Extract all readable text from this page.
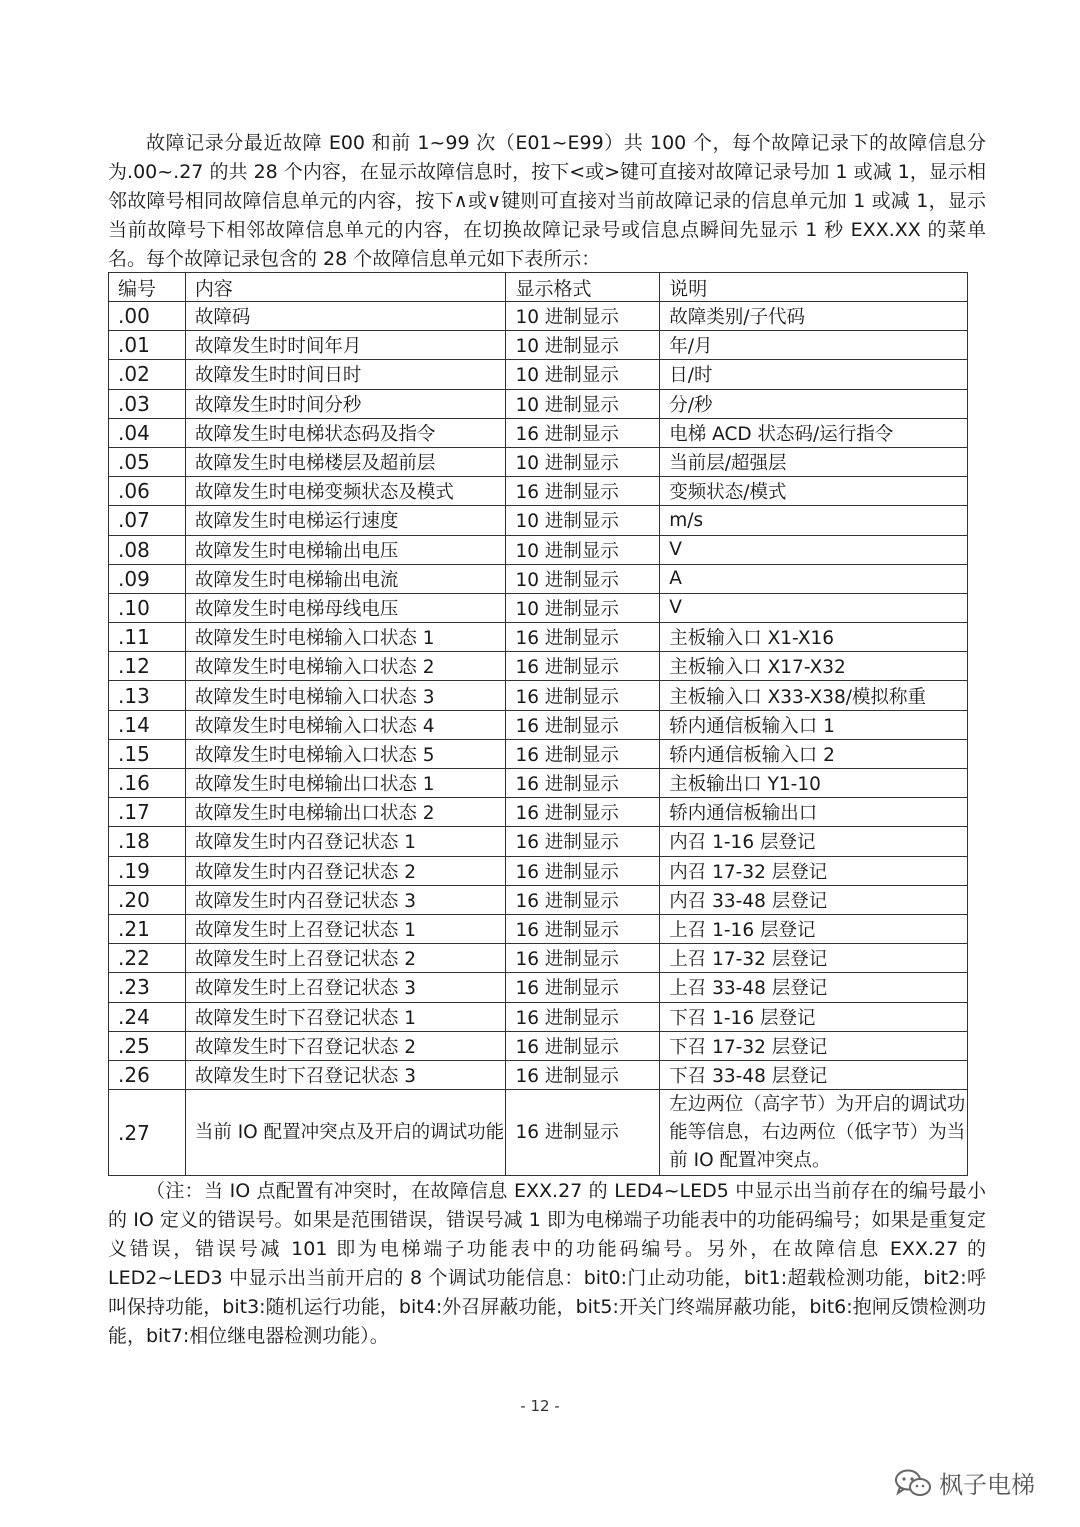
故障记录分最近故障 E00 和前 1~99 次（E01~E99）共 100 个，每个故障记录下的故障信息分为.00~.27 的共 28 个内容，在显示故障信息时，按下<或>键可直接对故障记录号加 1 或减 1，显示相邻故障号相同故障信息单元的内容，按下∧或∨键则可直接对当前故障记录的信息单元加 1 或减 1，显示当前故障号下相邻故障信息单元的内容，在切换故障记录号或信息点瞬间先显示 1 秒 EXX.XX 的菜单名。每个故障记录包含的 28 个故障信息单元如下表所示：

编号	内容	显示格式	说明
.00	故障码	10 进制显示	故障类别/子代码
.01	故障发生时时间年月	10 进制显示	年/月
.02	故障发生时时间日时	10 进制显示	日/时
.03	故障发生时时间分秒	10 进制显示	分/秒
.04	故障发生时电梯状态码及指令	16 进制显示	电梯 ACD 状态码/运行指令
.05	故障发生时电梯楼层及超前层	10 进制显示	当前层/超强层
.06	故障发生时电梯变频状态及模式	16 进制显示	变频状态/模式
.07	故障发生时电梯运行速度	10 进制显示	m/s
.08	故障发生时电梯输出电压	10 进制显示	V
.09	故障发生时电梯输出电流	10 进制显示	A
.10	故障发生时电梯母线电压	10 进制显示	V
.11	故障发生时电梯输入口状态 1	16 进制显示	主板输入口 X1-X16
.12	故障发生时电梯输入口状态 2	16 进制显示	主板输入口 X17-X32
.13	故障发生时电梯输入口状态 3	16 进制显示	主板输入口 X33-X38/模拟称重
.14	故障发生时电梯输入口状态 4	16 进制显示	轿内通信板输入口 1
.15	故障发生时电梯输入口状态 5	16 进制显示	轿内通信板输入口 2
.16	故障发生时电梯输出口状态 1	16 进制显示	主板输出口 Y1-10
.17	故障发生时电梯输出口状态 2	16 进制显示	轿内通信板输出口
.18	故障发生时内召登记状态 1	16 进制显示	内召 1-16 层登记
.19	故障发生时内召登记状态 2	16 进制显示	内召 17-32 层登记
.20	故障发生时内召登记状态 3	16 进制显示	内召 33-48 层登记
.21	故障发生时上召登记状态 1	16 进制显示	上召 1-16 层登记
.22	故障发生时上召登记状态 2	16 进制显示	上召 17-32 层登记
.23	故障发生时上召登记状态 3	16 进制显示	上召 33-48 层登记
.24	故障发生时下召登记状态 1	16 进制显示	下召 1-16 层登记
.25	故障发生时下召登记状态 2	16 进制显示	下召 17-32 层登记
.26	故障发生时下召登记状态 3	16 进制显示	下召 33-48 层登记
.27	当前 IO 配置冲突点及开启的调试功能	16 进制显示	左边两位（高字节）为开启的调试功能等信息，右边两位（低字节）为当前 IO 配置冲突点。

（注：当 IO 点配置有冲突时，在故障信息 EXX.27 的 LED4~LED5 中显示出当前存在的编号最小的 IO 定义的错误号。如果是范围错误，错误号减 1 即为电梯端子功能表中的功能码编号；如果是重复定义错误，错误号减 101 即为电梯端子功能表中的功能码编号。另外，在故障信息 EXX.27 的 LED2~LED3 中显示出当前开启的 8 个调试功能信息：bit0:门止动功能，bit1:超载检测功能，bit2:呼叫保持功能，bit3:随机运行功能，bit4:外召屏蔽功能，bit5:开关门终端屏蔽功能，bit6:抱闸反馈检测功能，bit7:相位继电器检测功能）。

- 12 -
枫子电梯
